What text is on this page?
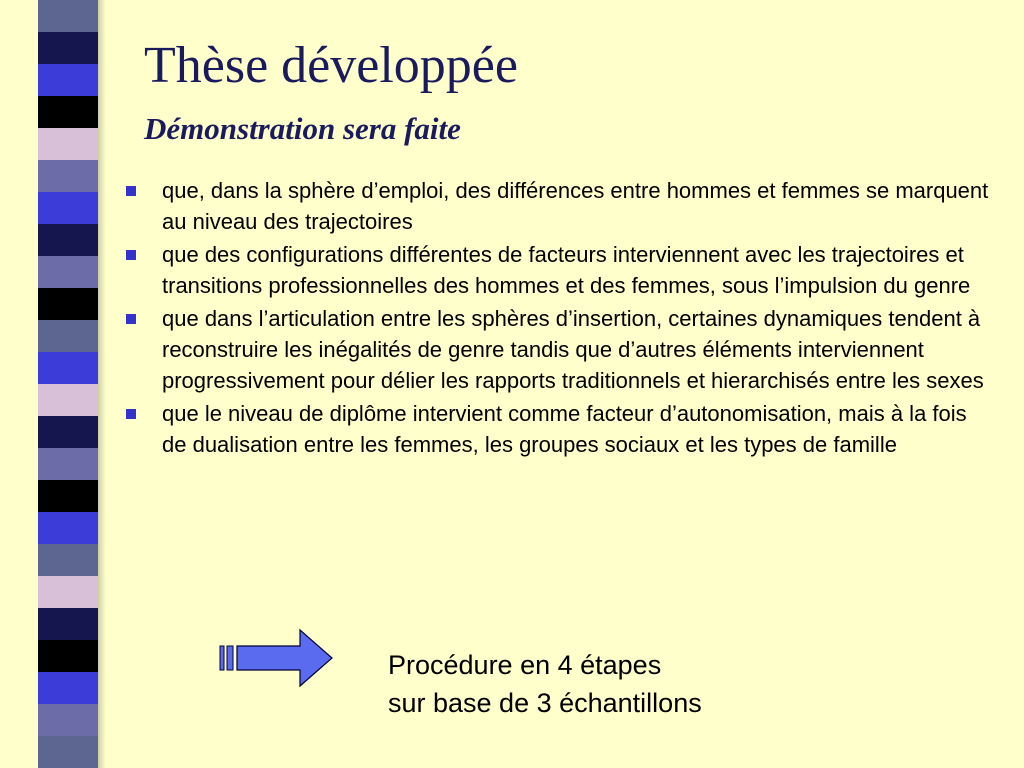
Thèse développée
Démonstration sera faite
que, dans la sphère d’emploi, des différences entre hommes et femmes se marquent au niveau des trajectoires
que des configurations différentes de facteurs interviennent avec les trajectoires et transitions professionnelles des hommes et des femmes, sous l’impulsion du genre
que dans l’articulation entre les sphères d’insertion, certaines dynamiques tendent à reconstruire les inégalités de genre tandis que d’autres éléments interviennent progressivement pour délier les rapports traditionnels et hierarchisés entre les sexes
que le niveau de diplôme intervient comme facteur d’autonomisation, mais à la fois de dualisation entre les femmes, les groupes sociaux et les types de famille
Procédure en 4 étapes
sur base de 3 échantillons
